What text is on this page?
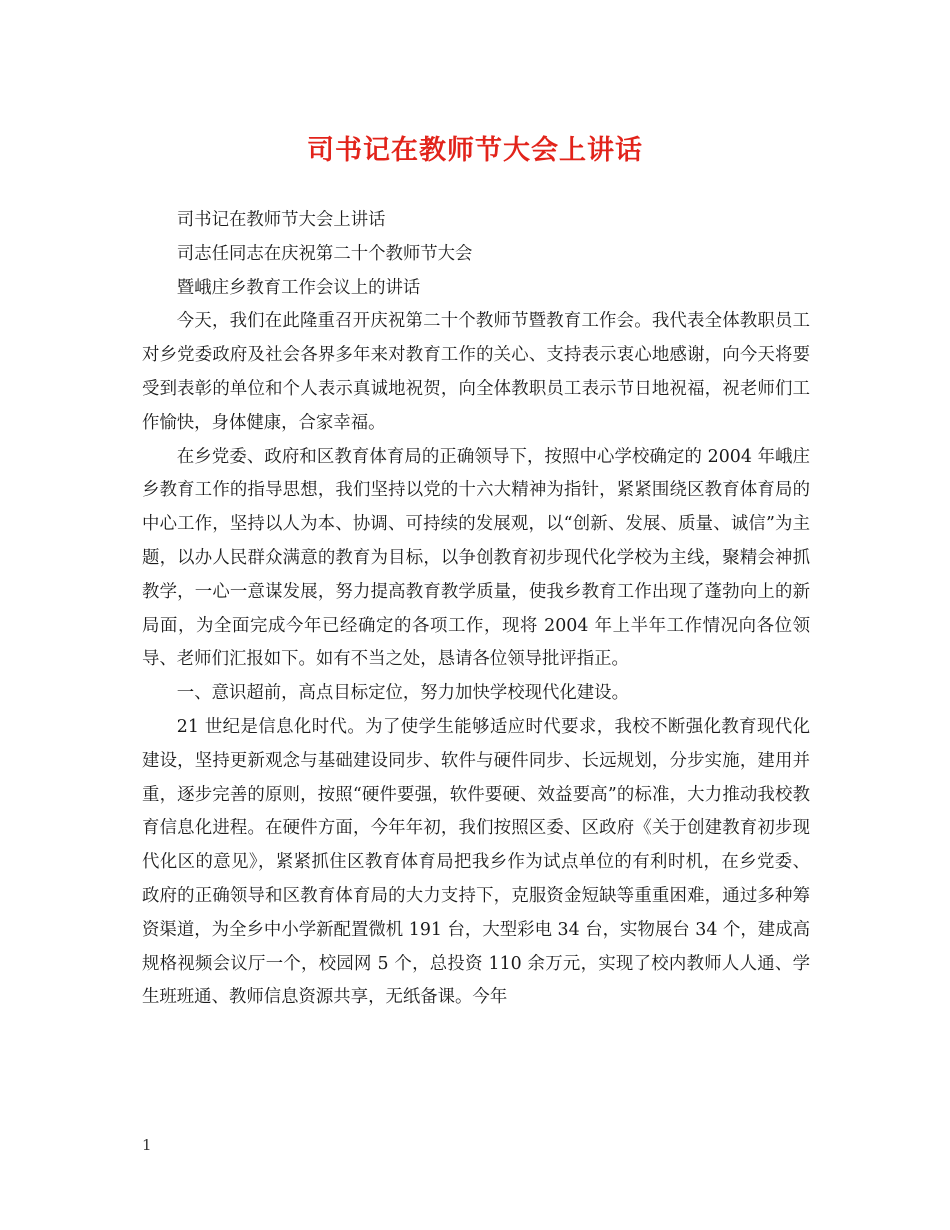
司书记在教师节大会上讲话

司书记在教师节大会上讲话

司志任同志在庆祝第二十个教师节大会

暨峨庄乡教育工作会议上的讲话

今天，我们在此隆重召开庆祝第二十个教师节暨教育工作会。我代表全体教职员工对乡党委政府及社会各界多年来对教育工作的关心、支持表示衷心地感谢，向今天将要受到表彰的单位和个人表示真诚地祝贺，向全体教职员工表示节日地祝福，祝老师们工作愉快，身体健康，合家幸福。

在乡党委、政府和区教育体育局的正确领导下，按照中心学校确定的 2004 年峨庄乡教育工作的指导思想，我们坚持以党的十六大精神为指针，紧紧围绕区教育体育局的中心工作，坚持以人为本、协调、可持续的发展观，以“创新、发展、质量、诚信”为主题，以办人民群众满意的教育为目标，以争创教育初步现代化学校为主线，聚精会神抓教学，一心一意谋发展，努力提高教育教学质量，使我乡教育工作出现了蓬勃向上的新局面，为全面完成今年已经确定的各项工作，现将 2004 年上半年工作情况向各位领导、老师们汇报如下。如有不当之处，恳请各位领导批评指正。

一、意识超前，高点目标定位，努力加快学校现代化建设。

21 世纪是信息化时代。为了使学生能够适应时代要求，我校不断强化教育现代化建设，坚持更新观念与基础建设同步、软件与硬件同步、长远规划，分步实施，建用并重，逐步完善的原则，按照“硬件要强，软件要硬、效益要高”的标准，大力推动我校教育信息化进程。在硬件方面，今年年初，我们按照区委、区政府《关于创建教育初步现代化区的意见》，紧紧抓住区教育体育局把我乡作为试点单位的有利时机，在乡党委、政府的正确领导和区教育体育局的大力支持下，克服资金短缺等重重困难，通过多种筹资渠道，为全乡中小学新配置微机 191 台，大型彩电 34 台，实物展台 34 个，建成高规格视频会议厅一个，校园网 5 个，总投资 110 余万元，实现了校内教师人人通、学生班班通、教师信息资源共享，无纸备课。今年

1
